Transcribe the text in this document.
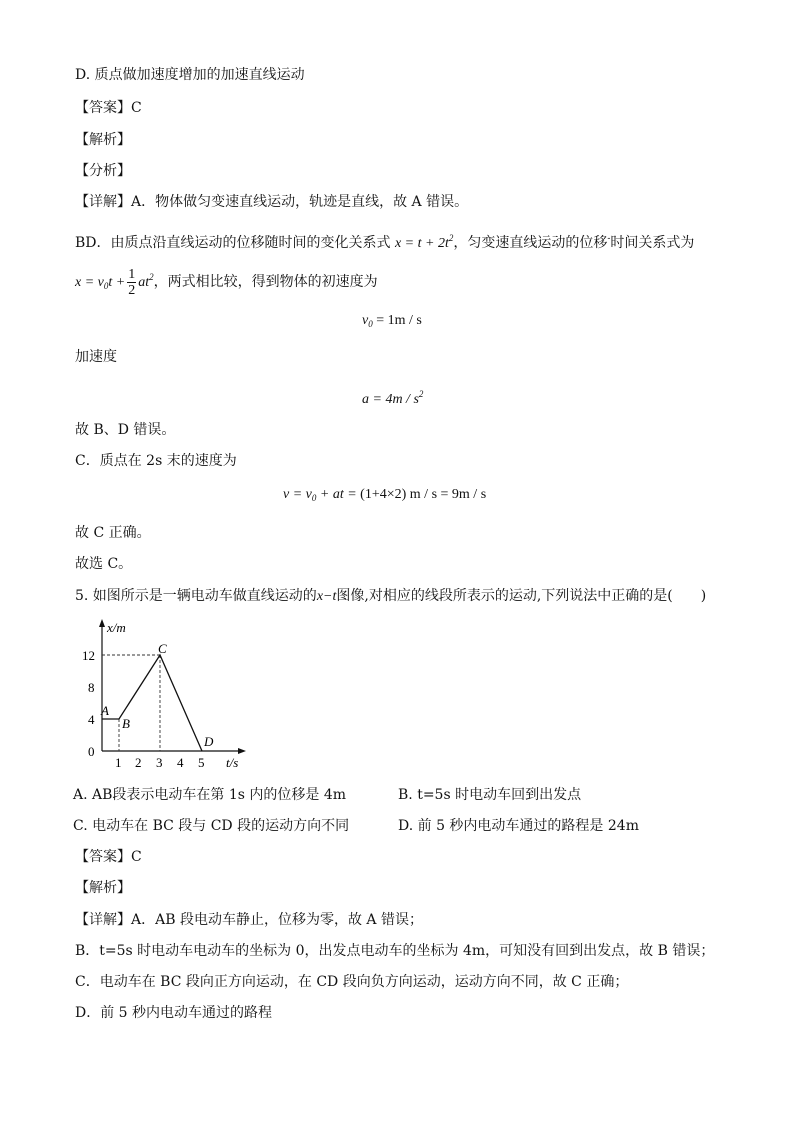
D. 质点做加速度增加的加速直线运动
【答案】C
【解析】
【分析】
【详解】A．物体做匀变速直线运动，轨迹是直线，故 A 错误。
BD．由质点沿直线运动的位移随时间的变化关系式 $x = t + 2t^2$，匀变速直线运动的位移-时间关系式为
$x = v_0t + \frac{1}{2} at^2$，两式相比较，得到物体的初速度为
$v_0 = 1m / s$
加速度
$a = 4m / s^2$
故 B、D 错误。
C．质点在 2s 末的速度为
$v = v_0$ + at = (1+4×2) m / s = 9m / s
故 C 正确。
故选 C。
5. 如图所示是一辆电动车做直线运动的x−t图像,对相应的线段所表示的运动,下列说法中正确的是(　　)
12
8
4
0
1 2 3 4 5
x/m
t/s
A
B
C
D
A. AB段表示电动车在第 1s 内的位移是 4m	B. t=5s 时电动车回到出发点
C. 电动车在 BC 段与 CD 段的运动方向不同	D. 前 5 秒内电动车通过的路程是 24m
【答案】C
【解析】
【详解】A．AB 段电动车静止，位移为零，故 A 错误；
B．t=5s 时电动车电动车的坐标为 0，出发点电动车的坐标为 4m，可知没有回到出发点，故 B 错误；
C．电动车在 BC 段向正方向运动，在 CD 段向负方向运动，运动方向不同，故 C 正确；
D．前 5 秒内电动车通过的路程
